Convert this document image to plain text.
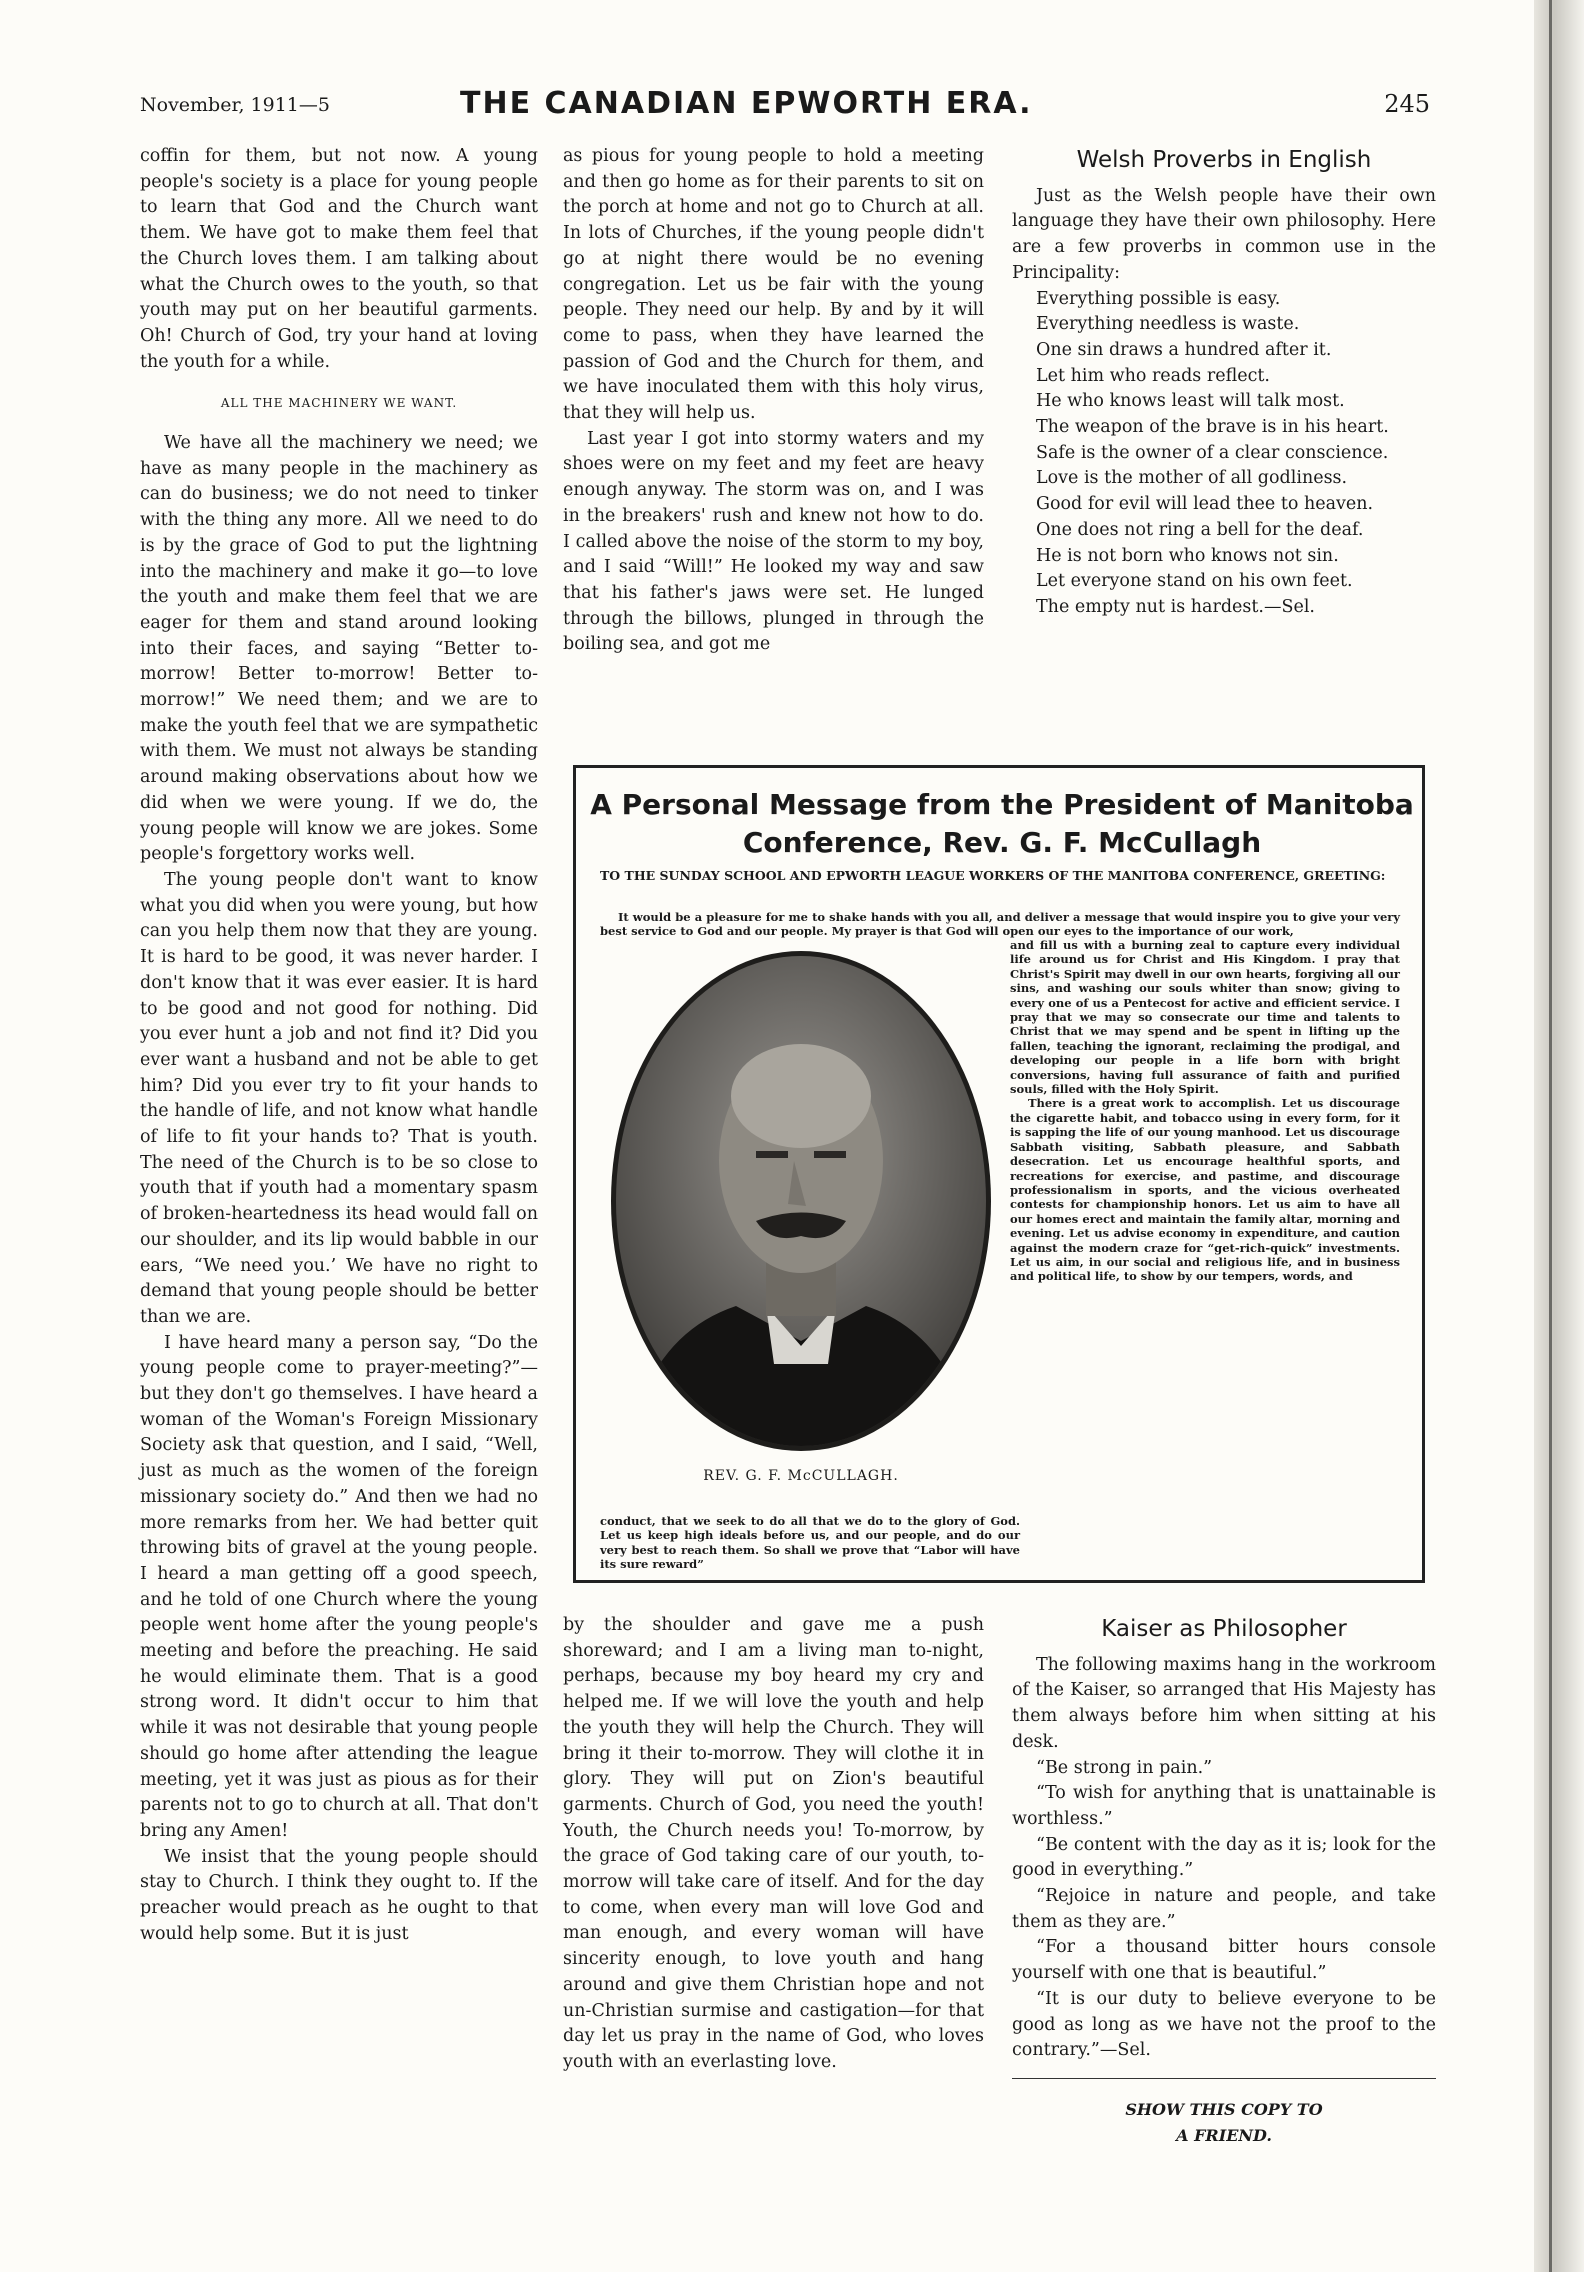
November, 1911—5	THE CANADIAN EPWORTH ERA.	245

coffin for them, but not now. A young people's society is a place for young people to learn that God and the Church want them. We have got to make them feel that the Church loves them. I am talking about what the Church owes to the youth, so that youth may put on her beautiful garments. Oh! Church of God, try your hand at loving the youth for a while.

ALL THE MACHINERY WE WANT.

We have all the machinery we need; we have as many people in the machinery as can do business; we do not need to tinker with the thing any more. All we need to do is by the grace of God to put the lightning into the machinery and make it go—to love the youth and make them feel that we are eager for them and stand around looking into their faces, and saying “Better to-morrow! Better to-morrow! Better to-morrow!” We need them; and we are to make the youth feel that we are sympathetic with them. We must not always be standing around making observations about how we did when we were young. If we do, the young people will know we are jokes. Some people's forgettory works well.

The young people don't want to know what you did when you were young, but how can you help them now that they are young. It is hard to be good, it was never harder. I don't know that it was ever easier. It is hard to be good and not good for nothing. Did you ever hunt a job and not find it? Did you ever want a husband and not be able to get him? Did you ever try to fit your hands to the handle of life, and not know what handle of life to fit your hands to? That is youth. The need of the Church is to be so close to youth that if youth had a momentary spasm of broken-heartedness its head would fall on our shoulder, and its lip would babble in our ears, “We need you.’ We have no right to demand that young people should be better than we are.

I have heard many a person say, “Do the young people come to prayer-meeting?”—but they don't go themselves. I have heard a woman of the Woman's Foreign Missionary Society ask that question, and I said, “Well, just as much as the women of the foreign missionary society do.” And then we had no more remarks from her. We had better quit throwing bits of gravel at the young people. I heard a man getting off a good speech, and he told of one Church where the young people went home after the young people's meeting and before the preaching. He said he would eliminate them. That is a good strong word. It didn't occur to him that while it was not desirable that young people should go home after attending the league meeting, yet it was just as pious as for their parents not to go to church at all. That don't bring any Amen!

We insist that the young people should stay to Church. I think they ought to. If the preacher would preach as he ought to that would help some. But it is just

as pious for young people to hold a meeting and then go home as for their parents to sit on the porch at home and not go to Church at all. In lots of Churches, if the young people didn't go at night there would be no evening congregation. Let us be fair with the young people. They need our help. By and by it will come to pass, when they have learned the passion of God and the Church for them, and we have inoculated them with this holy virus, that they will help us.

Last year I got into stormy waters and my shoes were on my feet and my feet are heavy enough anyway. The storm was on, and I was in the breakers' rush and knew not how to do. I called above the noise of the storm to my boy, and I said “Will!” He looked my way and saw that his father's jaws were set. He lunged through the billows, plunged in through the boiling sea, and got me

Welsh Proverbs in English

Just as the Welsh people have their own language they have their own philosophy. Here are a few proverbs in common use in the Principality:

Everything possible is easy.

Everything needless is waste.

One sin draws a hundred after it.

Let him who reads reflect.

He who knows least will talk most.

The weapon of the brave is in his heart.

Safe is the owner of a clear conscience.

Love is the mother of all godliness.

Good for evil will lead thee to heaven.

One does not ring a bell for the deaf.

He is not born who knows not sin.

Let everyone stand on his own feet.

The empty nut is hardest.—Sel.

A Personal Message from the President of Manitoba
Conference, Rev. G. F. McCullagh
TO THE SUNDAY SCHOOL AND EPWORTH LEAGUE WORKERS OF THE MANITOBA CONFERENCE, GREETING:

It would be a pleasure for me to shake hands with you all, and deliver a message that would inspire you to give your very best service to God and our people. My prayer is that God will open our eyes to the importance of our work,

and fill us with a burning zeal to capture every individual life around us for Christ and His Kingdom. I pray that Christ's Spirit may dwell in our own hearts, forgiving all our sins, and washing our souls whiter than snow; giving to every one of us a Pentecost for active and efficient service. I pray that we may so consecrate our time and talents to Christ that we may spend and be spent in lifting up the fallen, teaching the ignorant, reclaiming the prodigal, and developing our people in a life born with bright conversions, having full assurance of faith and purified souls, filled with the Holy Spirit.

There is a great work to accomplish. Let us discourage the cigarette habit, and tobacco using in every form, for it is sapping the life of our young manhood. Let us discourage Sabbath visiting, Sabbath pleasure, and Sabbath desecration. Let us encourage healthful sports, and recreations for exercise, and pastime, and discourage professionalism in sports, and the vicious overheated contests for championship honors. Let us aim to have all our homes erect and maintain the family altar, morning and evening. Let us advise economy in expenditure, and caution against the modern craze for “get-rich-quick” investments. Let us aim, in our social and religious life, and in business and political life, to show by our tempers, words, and

REV. G. F. McCULLAGH.

conduct, that we seek to do all that we do to the glory of God. Let us keep high ideals before us, and our people, and do our very best to reach them. So shall we prove that “Labor will have its sure reward”

by the shoulder and gave me a push shoreward; and I am a living man to-night, perhaps, because my boy heard my cry and helped me. If we will love the youth and help the youth they will help the Church. They will bring it their to-morrow. They will clothe it in glory. They will put on Zion's beautiful garments. Church of God, you need the youth! Youth, the Church needs you! To-morrow, by the grace of God taking care of our youth, to-morrow will take care of itself. And for the day to come, when every man will love God and man enough, and every woman will have sincerity enough, to love youth and hang around and give them Christian hope and not un-Christian surmise and castigation—for that day let us pray in the name of God, who loves youth with an everlasting love.

Kaiser as Philosopher

The following maxims hang in the workroom of the Kaiser, so arranged that His Majesty has them always before him when sitting at his desk.

“Be strong in pain.”

“To wish for anything that is unattainable is worthless.”

“Be content with the day as it is; look for the good in everything.”

“Rejoice in nature and people, and take them as they are.”

“For a thousand bitter hours console yourself with one that is beautiful.”

“It is our duty to believe everyone to be good as long as we have not the proof to the contrary.”—Sel.

SHOW THIS COPY TO
A FRIEND.
